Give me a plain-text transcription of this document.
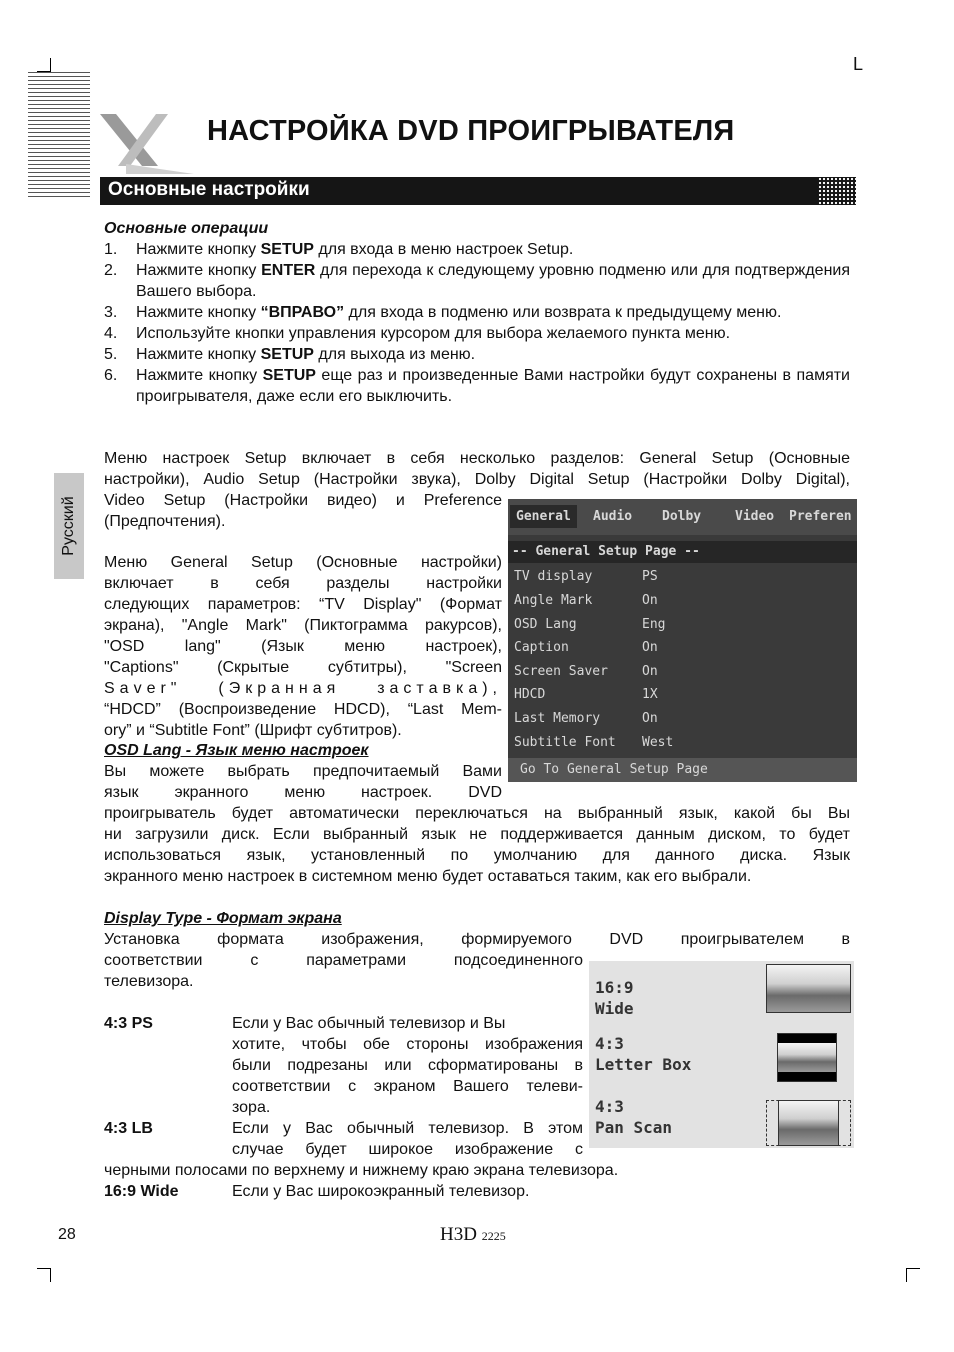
L
НАСТРОЙКА DVD ПРОИГРЫВАТЕЛЯ
Основные настройки
Основные операции
1. Нажмите кнопку SETUP для входа в меню настроек Setup.
2. Нажмите кнопку ENTER для перехода к следующему уровню подменю или для подтверждения Вашего выбора.
3. Нажмите кнопку “ВПРАВО” для входа в подменю или возврата к предыдущему меню.
4. Используйте кнопки управления курсором для выбора желаемого пункта меню.
5. Нажмите кнопку SETUP для выхода из меню.
6. Нажмите кнопку SETUP еще раз и произведенные Вами настройки будут сохранены в памяти проигрывателя, даже если его выключить.
Русский
Меню настроек Setup включает в себя несколько разделов: General Setup (Основные
настройки), Audio Setup (Настройки звука), Dolby Digital Setup (Настройки Dolby Digital),
Video Setup (Настройки видео) и Preference
(Предпочтения).
Меню General Setup (Основные настройки)
включает в себя разделы настройки
следующих параметров: “TV Display" (Формат
экрана), "Angle Mark" (Пиктограмма ракурсов),
"OSD lang" (Язык меню настроек),
"Captions" (Скрытые субтитры), "Screen
Saver" (Экранная заставка),
“HDCD” (Воспроизведение HDCD), “Last Mem-
ory” и “Subtitle Font” (Шрифт субтитров).
OSD Lang - Язык меню настроек
Вы можете выбрать предпочитаемый Вами
язык экранного меню настроек. DVD
проигрыватель будет автоматически переключаться на выбранный язык, какой бы Вы
ни загрузили диск. Если выбранный язык не поддерживается данным диском, то будет
использоваться язык, установленный по умолчанию для данного диска. Язык
экранного меню настроек в системном меню будет оставаться таким, как его выбрали.
General	Audio Dolby	Video Preferen
-- General Setup Page --
TV display	PS
Angle Mark	On
OSD Lang	Eng
Caption	On
Screen Saver	On
HDCD	1X
Last Memory	On
Subtitle Font West
Go To General Setup Page
Display Type - Формат экрана
Установка формата изображения, формируемого DVD проигрывателем в
соответствии с параметрами подсоединенного
телевизора.
4:3 PS	Если у Вас обычный телевизор и Вы
хотите, чтобы обе стороны изображения
были подрезаны или сформатированы в
соответствии с экраном Вашего телеви-
зора.
4:3 LB	Если у Вас обычный телевизор. В этом
случае будет широкое изображение с
черными полосами по верхнему и нижнему краю экрана телевизора.
16:9 Wide	Если у Вас широкоэкранный телевизор.
16:9
Wide
4:3
Letter Box
4:3
Pan Scan
28	H3D 2225
